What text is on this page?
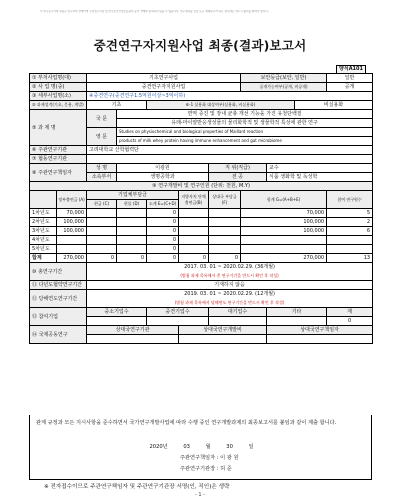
이 연구보고서의 내용은 연구자의 견해이며 주관연구기관 및 한국보건산업진흥원의 공식 견해와 일치하지 않을 수 있습니다. 연구결과를 인용 또는 게재하고자 하는 경우에는 반드시 출처를 밝혀야 합니다.
중견연구자지원사업 최종(결과)보고서
양식A101
① 부처사업명(대)		기초연구사업					보안등급(보안, 일반)			일반
② 사 업 명(중)		중견연구자지원사업					공개가능여부(공개, 비공개)			공개
③ 세부사업명(소)		④중견연구(중견연구1.5억원이상~3억이하)								
⑤ 과제성격(기초, 응용, 개발)		기초		⑥-1 실용화 대상여부(실용화, 비실용화)					비실용화	
⑤ 과 제 명		국 문	면역 증진 및 장내 균총 개선 기능을 가진 유청단백질							
			유래-마이얄반응생성물의 물리화학적 및 생물학적 특성에 관한 연구							
		영 문	Studies on physiochemical and biological properties of Maillard reaction							
			products of milk whey protein having immune enhancement and gut microbiome							
⑥ 주관연구기관		고려대학교 산학협력단								
⑦ 협동연구기관										
⑧ 주관연구책임자		성 명	이광원			직 위(직급)		교수		
		소속부서	생명공학과			전 공		식품 생화학 및 독성학		
⑨ 연구개발비 및 연구인원 (단위: 천원, M.Y)										
	정부출연금 (A)	기업체부담금			지방자치 단체 출연금(B)	상대국 부담금 (F)	합계 G=(A+B+E)			참여 연구원수
		현금 (C)	현물 (D)	소계 E=(C+D)						
1차년도	70,000			0			70,000			5
2차년도	100,000			0			100,000			2
3차년도	100,000			0			100,000			6
4차년도				0						
5차년도				0						
합계	270,000	0	0	0	0	0	270,000			13
⑩ 총연구기간		2017. 03. 01 ~ 2020.02.29. (36개월)								
		(별첨 과제 목록에서 총 연구기간을 반드시 확인 후 작성)								
⑪ 다년도협약연구기간		기재하지 않음								
⑫ 당해연도연구기간		2019. 03. 01 ~ 2020.02.29. (12개월)								
		(별첨 과제 목록에서 당해연도 연구기간을 반드시 확인 후 작성)								
⑬ 참여기업		중소기업수		중견기업수		대기업수		기타		계
										0
⑭ 국제공동연구		상대국연구기관			상대국연구개발비			상대국연구책임자		

관계 규정과 모든 지시사항을 준수하면서 국가연구개발사업에 따라 수행 중인 연구개발과제의 최종보고서를 붙임과 같이 제출 합니다.
2020년	03 월	30 일
주관연구책임자 : 이 광 원
주관연구기관장 : 허 준
※ 전자접수이므로 주관연구책임자 및 주관연구기관장 서명(인, 직인)은 생략
- 1 -
